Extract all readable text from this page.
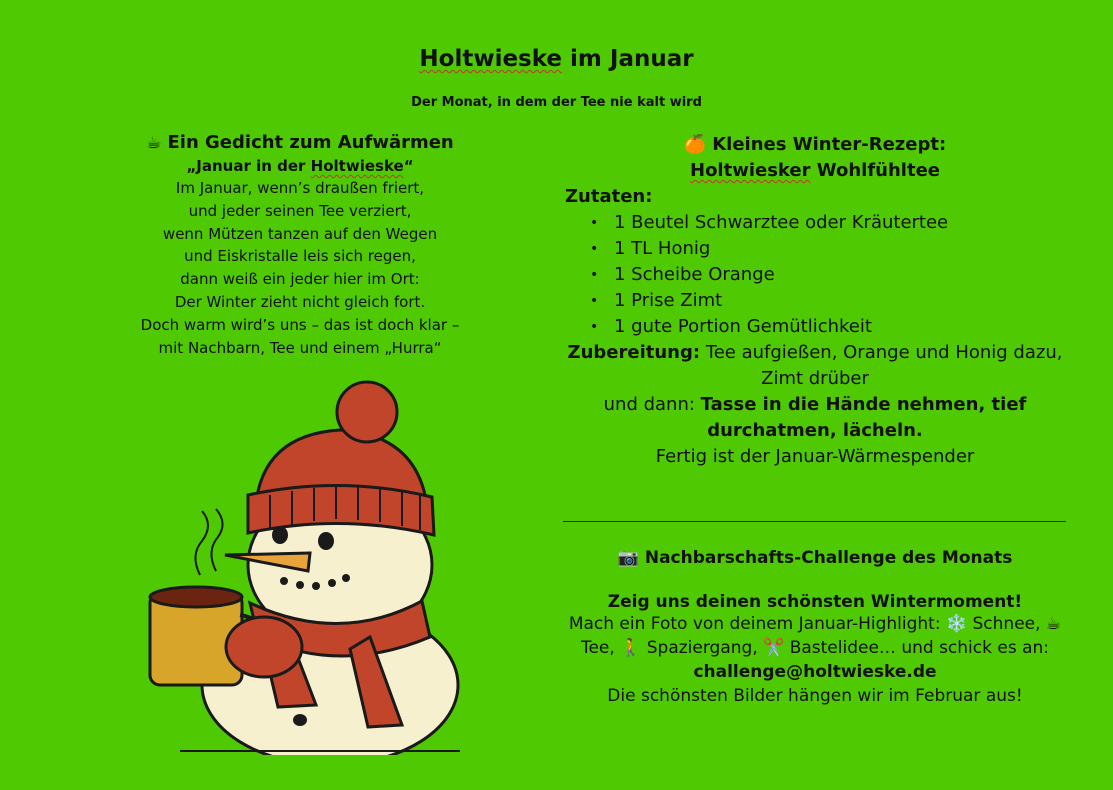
Holtwieske im Januar
Der Monat, in dem der Tee nie kalt wird
☕ Ein Gedicht zum Aufwärmen
„Januar in der Holtwieske“
Im Januar, wenn’s draußen friert,
und jeder seinen Tee verziert,
wenn Mützen tanzen auf den Wegen
und Eiskristalle leis sich regen,
dann weiß ein jeder hier im Ort:
Der Winter zieht nicht gleich fort.
Doch warm wird’s uns – das ist doch klar –
mit Nachbarn, Tee und einem „Hurra“
🍊 Kleines Winter-Rezept:
Holtwiesker Wohlfühltee
Zutaten:
• 1 Beutel Schwarztee oder Kräutertee
• 1 TL Honig
• 1 Scheibe Orange
• 1 Prise Zimt
• 1 gute Portion Gemütlichkeit
Zubereitung: Tee aufgießen, Orange und Honig dazu, Zimt drüber
und dann: Tasse in die Hände nehmen, tief durchatmen, lächeln.
Fertig ist der Januar-Wärmespender
📷 Nachbarschafts-Challenge des Monats
Zeig uns deinen schönsten Wintermoment!
Mach ein Foto von deinem Januar-Highlight: ❄️ Schnee, ☕ Tee, 🚶 Spaziergang, ✂️ Bastelidee… und schick es an:
challenge@holtwieske.de
Die schönsten Bilder hängen wir im Februar aus!
